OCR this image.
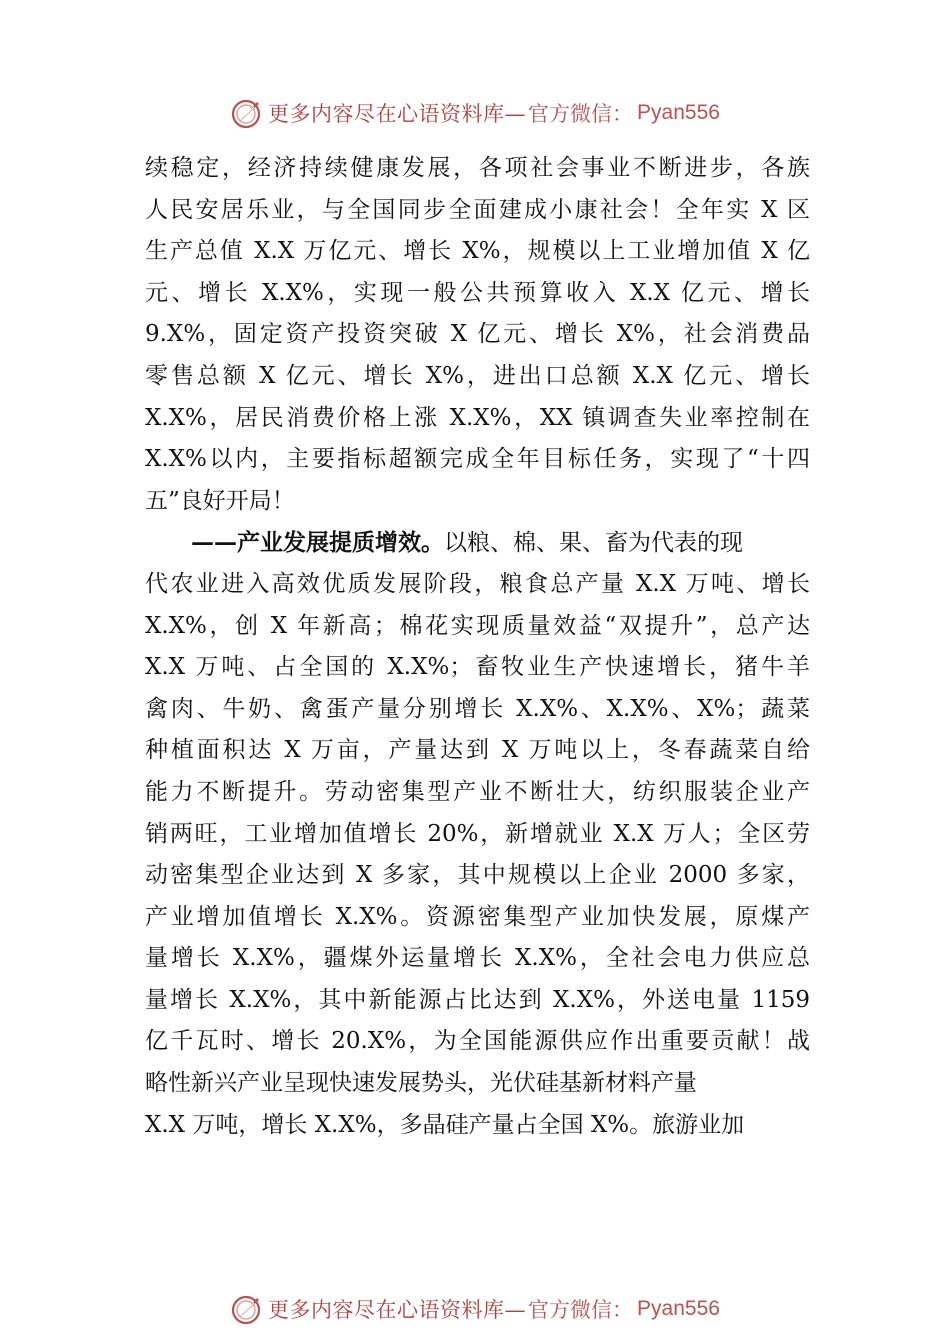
更多内容尽在心语资料库— 官方微信： Pyan556
续稳定，经济持续健康发展，各项社会事业不断进步，各族
人民安居乐业，与全国同步全面建成小康社会！全年实 X 区
生产总值 X.X 万亿元、增长 X%，规模以上工业增加值 X 亿
元、增长 X.X%，实现一般公共预算收入 X.X 亿元、增长
9.X%，固定资产投资突破 X 亿元、增长 X%，社会消费品
零售总额 X 亿元、增长 X%，进出口总额 X.X 亿元、增长
X.X%，居民消费价格上涨 X.X%，XX 镇调查失业率控制在
X.X%以内，主要指标超额完成全年目标任务，实现了“十四
五”良好开局！
——产业发展提质增效。以粮、棉、果、畜为代表的现
代农业进入高效优质发展阶段，粮食总产量 X.X 万吨、增长
X.X%，创 X 年新高；棉花实现质量效益“双提升”，总产达
X.X 万吨、占全国的 X.X%；畜牧业生产快速增长，猪牛羊
禽肉、牛奶、禽蛋产量分别增长 X.X%、X.X%、X%；蔬菜
种植面积达 X 万亩，产量达到 X 万吨以上，冬春蔬菜自给
能力不断提升。劳动密集型产业不断壮大，纺织服装企业产
销两旺，工业增加值增长 20%，新增就业 X.X 万人；全区劳
动密集型企业达到 X 多家，其中规模以上企业 2000 多家，
产业增加值增长 X.X%。资源密集型产业加快发展，原煤产
量增长 X.X%，疆煤外运量增长 X.X%，全社会电力供应总
量增长 X.X%，其中新能源占比达到 X.X%，外送电量 1159
亿千瓦时、增长 20.X%，为全国能源供应作出重要贡献！战
略性新兴产业呈现快速发展势头，光伏硅基新材料产量
X.X 万吨，增长 X.X%，多晶硅产量占全国 X%。旅游业加
更多内容尽在心语资料库— 官方微信： Pyan556
